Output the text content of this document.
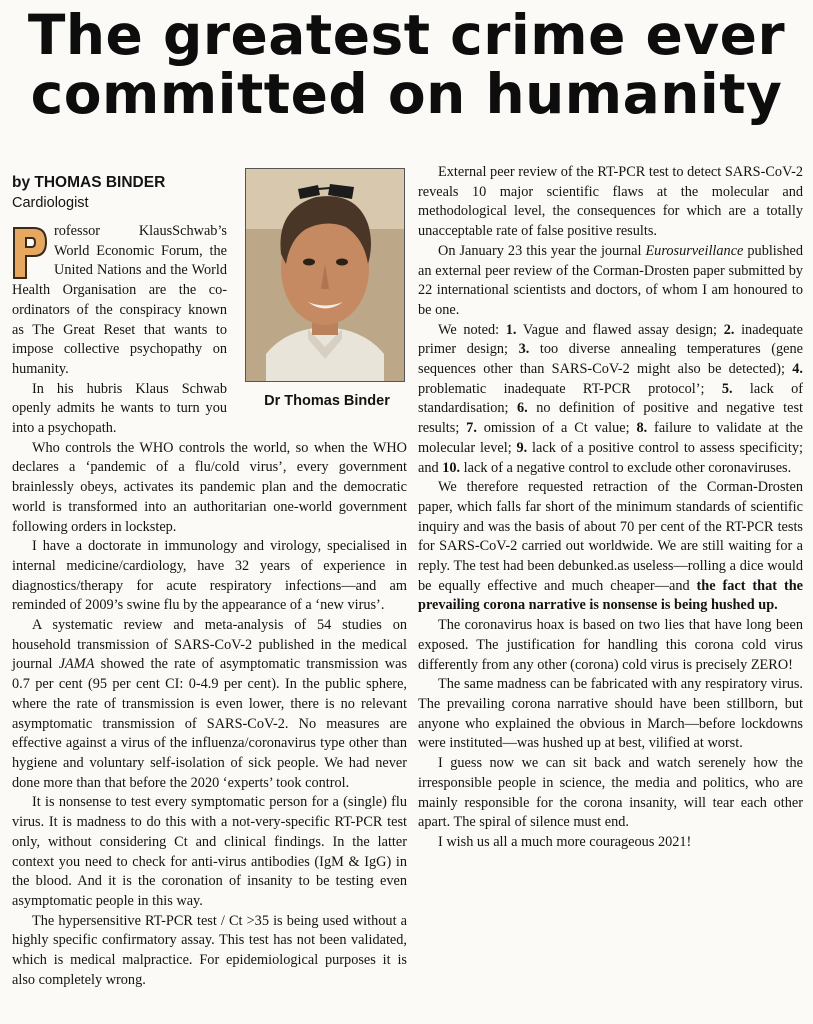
The greatest crime ever
committed on humanity
Dr Thomas Binder
by THOMAS BINDER
Cardiologist

rofessor KlausSchwab’s World Economic Forum, the United Nations and the World Health Organisation are the co-ordinators of the conspiracy known as The Great Reset that wants to impose collective psychopathy on humanity.

In his hubris Klaus Schwab openly admits he wants to turn you into a psychopath.

Who controls the WHO controls the world, so when the WHO declares a ‘pandemic of a flu/cold virus’, every government brainlessly obeys, activates its pandemic plan and the democratic world is transformed into an authoritarian one-world government following orders in lockstep.

I have a doctorate in immunology and virology, specialised in internal medicine/cardiology, have 32 years of experience in diagnostics/therapy for acute respiratory infections—and am reminded of 2009’s swine flu by the appearance of a ‘new virus’.

A systematic review and meta-analysis of 54 studies on household transmission of SARS-CoV-2 published in the medical journal JAMA showed the rate of asymptomatic transmission was 0.7 per cent (95 per cent CI: 0-4.9 per cent). In the public sphere, where the rate of transmission is even lower, there is no relevant asymptomatic transmission of SARS-CoV-2. No measures are effective against a virus of the influenza/coronavirus type other than hygiene and voluntary self-isolation of sick people. We had never done more than that before the 2020 ‘experts’ took control.

It is nonsense to test every symptomatic person for a (single) flu virus. It is madness to do this with a not-very-specific RT-PCR test only, without considering Ct and clinical findings. In the latter context you need to check for anti-virus antibodies (IgM & IgG) in the blood. And it is the coronation of insanity to be testing even asymptomatic people in this way.

The hypersensitive RT-PCR test / Ct >35 is being used without a highly specific confirmatory assay. This test has not been validated, which is medical malpractice. For epidemiological purposes it is also completely wrong.

External peer review of the RT-PCR test to detect SARS-CoV-2 reveals 10 major scientific flaws at the molecular and methodological level, the consequences for which are a totally unacceptable rate of false positive results.

On January 23 this year the journal Eurosurveillance published an external peer review of the Corman-Drosten paper submitted by 22 international scientists and doctors, of whom I am honoured to be one.

We noted: 1. Vague and flawed assay design; 2. inadequate primer design; 3. too diverse annealing temperatures (gene sequences other than SARS-CoV-2 might also be detected); 4. problematic inadequate RT-PCR protocol’; 5. lack of standardisation; 6. no definition of positive and negative test results; 7. omission of a Ct value; 8. failure to validate at the molecular level; 9. lack of a positive control to assess specificity; and 10. lack of a negative control to exclude other coronaviruses.

We therefore requested retraction of the Corman-Drosten paper, which falls far short of the minimum standards of scientific inquiry and was the basis of about 70 per cent of the RT-PCR tests for SARS-CoV-2 carried out worldwide. We are still waiting for a reply. The test had been debunked.as useless—rolling a dice would be equally effective and much cheaper—and the fact that the prevailing corona narrative is nonsense is being hushed up.

The coronavirus hoax is based on two lies that have long been exposed. The justification for handling this corona cold virus differently from any other (corona) cold virus is precisely ZERO!

The same madness can be fabricated with any respiratory virus. The prevailing corona narrative should have been stillborn, but anyone who explained the obvious in March—before lockdowns were instituted—was hushed up at best, vilified at worst.

I guess now we can sit back and watch serenely how the irresponsible people in science, the media and politics, who are mainly responsible for the corona insanity, will tear each other apart. The spiral of silence must end.

I wish us all a much more courageous 2021!
